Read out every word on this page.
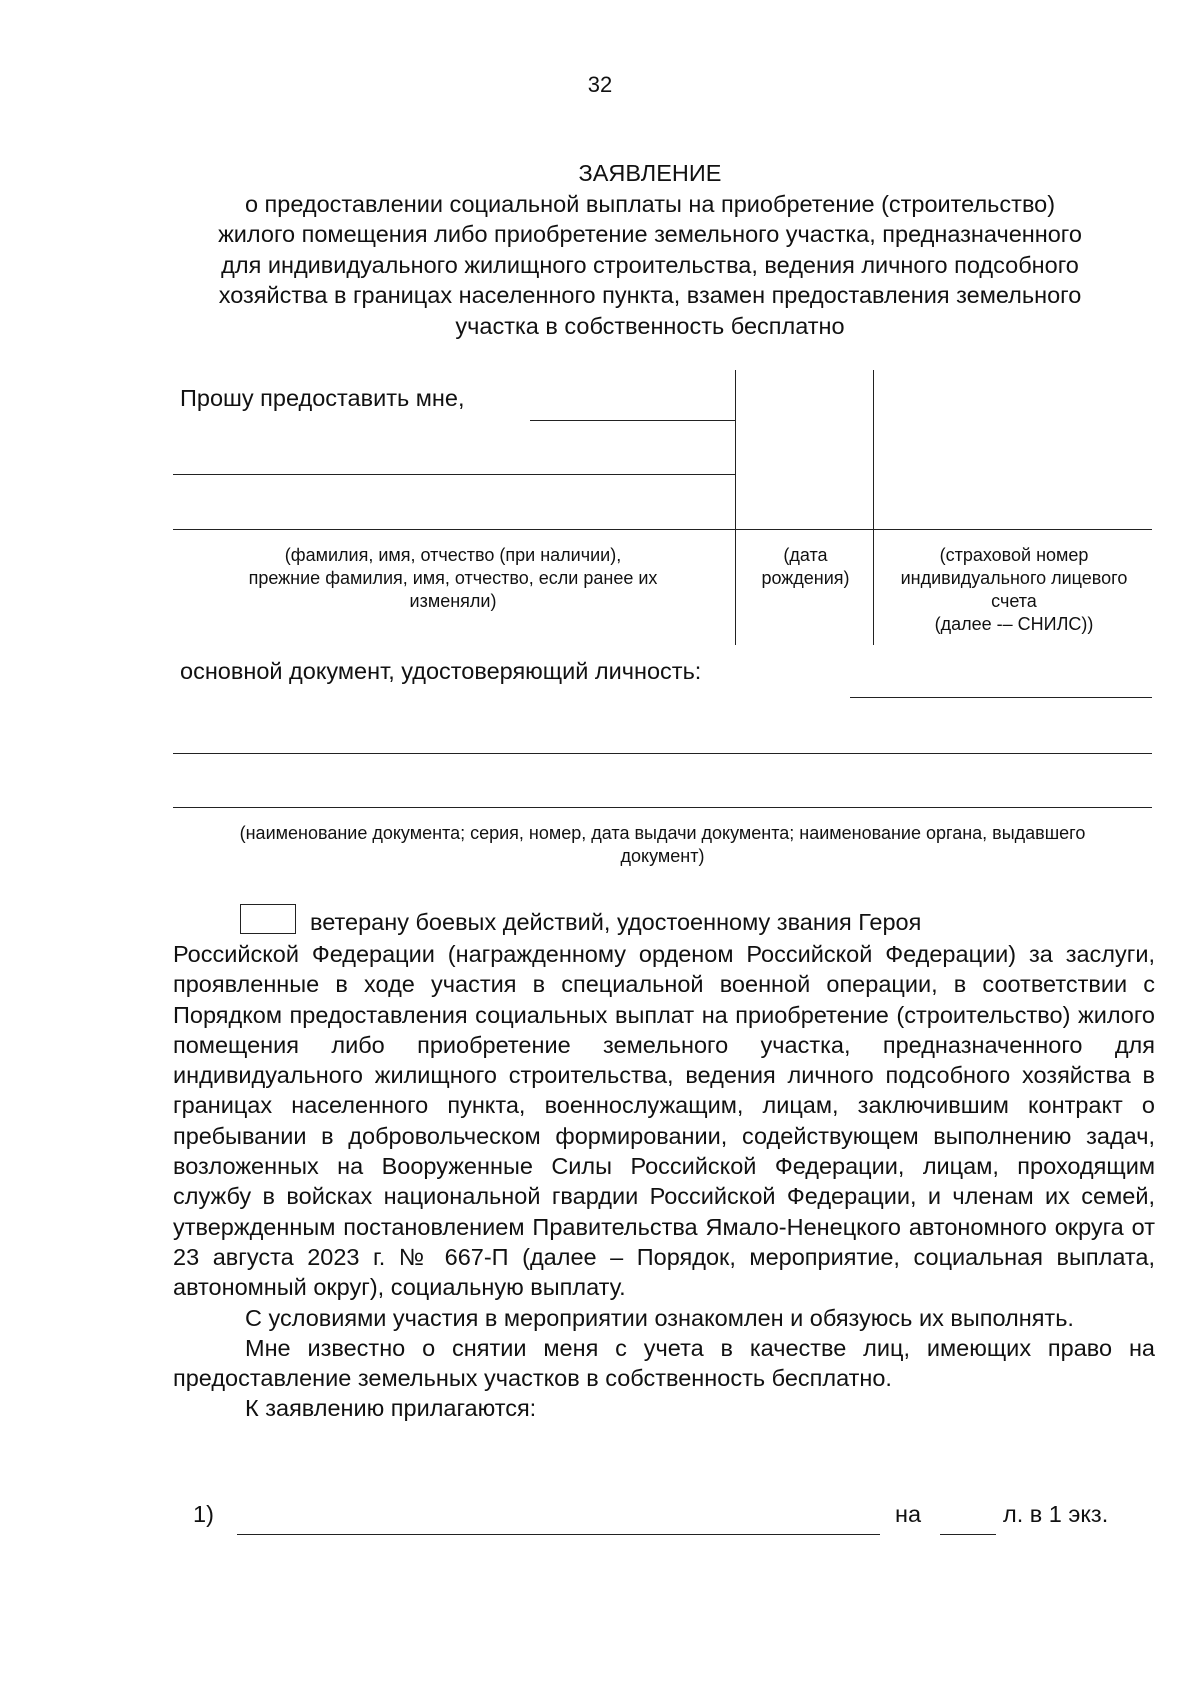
32
ЗАЯВЛЕНИЕ
о предоставлении социальной выплаты на приобретение (строительство)
жилого помещения либо приобретение земельного участка, предназначенного
для индивидуального жилищного строительства, ведения личного подсобного
хозяйства в границах населенного пункта, взамен предоставления земельного
участка в собственность бесплатно
Прошу предоставить мне,
(фамилия, имя, отчество (при наличии),
прежние фамилия, имя, отчество, если ранее их
изменяли)
(дата
рождения)
(страховой номер
индивидуального лицевого
счета
(далее -– СНИЛС))
основной документ, удостоверяющий личность:
(наименование документа; серия, номер, дата выдачи документа; наименование органа, выдавшего
документ)
ветерану боевых действий, удостоенному звания Героя

Российской Федерации (награжденному орденом Российской Федерации) за заслуги, проявленные в ходе участия в специальной военной операции, в соответствии с Порядком предоставления социальных выплат на приобретение (строительство) жилого помещения либо приобретение земельного участка, предназначенного для индивидуального жилищного строительства, ведения личного подсобного хозяйства в границах населенного пункта, военнослужащим, лицам, заключившим контракт о пребывании в добровольческом формировании, содействующем выполнению задач, возложенных на Вооруженные Силы Российской Федерации, лицам, проходящим службу в войсках национальной гвардии Российской Федерации, и членам их семей, утвержденным постановлением Правительства Ямало-Ненецкого автономного округа от 23 августа 2023 г. № 667-П (далее – Порядок, мероприятие, социальная выплата, автономный округ), социальную выплату.

С условиями участия в мероприятии ознакомлен и обязуюсь их выполнять.

Мне известно о снятии меня с учета в качестве лиц, имеющих право на предоставление земельных участков в собственность бесплатно.

К заявлению прилагаются:

1)	на	л. в 1 экз.
